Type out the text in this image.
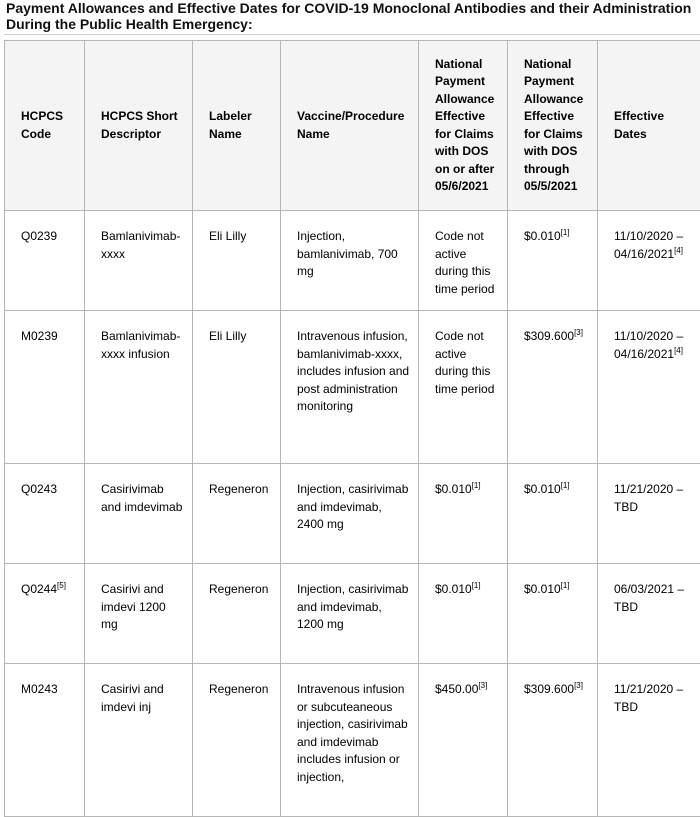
Payment Allowances and Effective Dates for COVID-19 Monoclonal Antibodies and their Administration During the Public Health Emergency:
HCPCS Code	HCPCS Short Descriptor	Labeler Name	Vaccine/Procedure Name	National Payment Allowance Effective for Claims with DOS on or after 05/6/2021	National Payment Allowance Effective for Claims with DOS through 05/5/2021	Effective Dates
Q0239	Bamlanivimab-xxxx	Eli Lilly	Injection, bamlanivimab, 700 mg	Code not active during this time period	$0.010[1]	11/10/2020 – 04/16/2021[4]
M0239	Bamlanivimab-xxxx infusion	Eli Lilly	Intravenous infusion, bamlanivimab-xxxx, includes infusion and post administration monitoring	Code not active during this time period	$309.600[3]	11/10/2020 – 04/16/2021[4]
Q0243	Casirivimab and imdevimab	Regeneron	Injection, casirivimab and imdevimab, 2400 mg	$0.010[1]	$0.010[1]	11/21/2020 – TBD
Q0244[5]	Casirivi and imdevi 1200 mg	Regeneron	Injection, casirivimab and imdevimab, 1200 mg	$0.010[1]	$0.010[1]	06/03/2021 – TBD
M0243	Casirivi and imdevi inj	Regeneron	Intravenous infusion or subcuteaneous injection, casirivimab and imdevimab includes infusion or injection,	$450.00[3]	$309.600[3]	11/21/2020 – TBD
